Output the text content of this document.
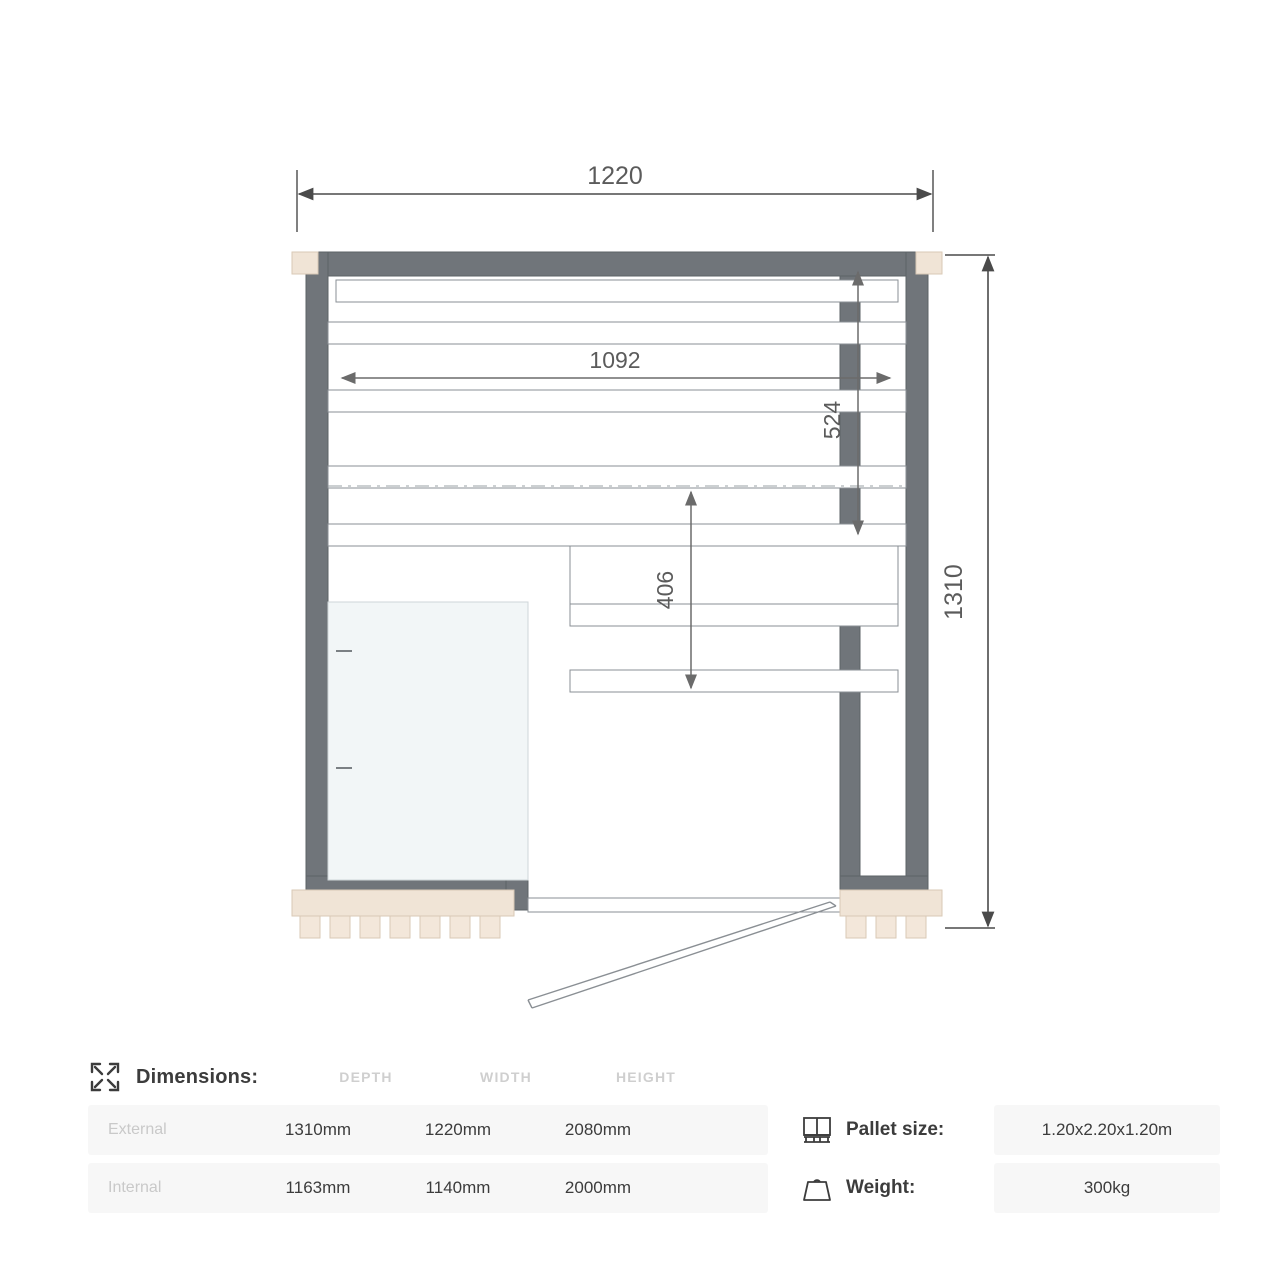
1220
1310
1092
524
406
Dimensions:	DEPTH	WIDTH	HEIGHT
External	1310mm	1220mm	2080mm
Internal	1163mm	1140mm	2000mm
Pallet size:	1.20x2.20x1.20m
Weight:	300kg
